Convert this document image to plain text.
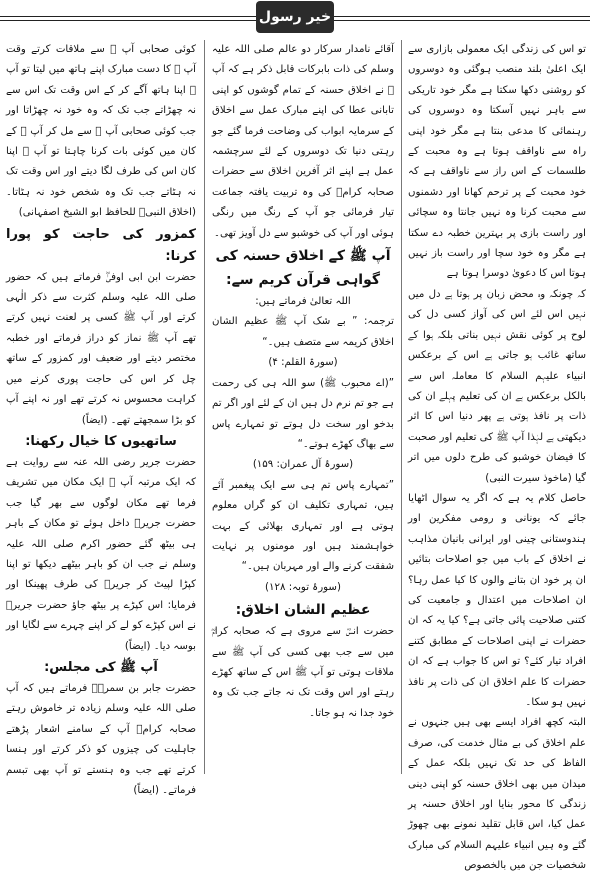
خیر رسول

تو اس کی زندگی ایک معمولی بازاری سے ایک اعلیٰ بلند منصب ہوگئی وہ دوسروں کو روشنی دکھا سکتا ہے مگر خود تاریکی سے باہر نہیں آسکتا وہ دوسروں کی رہنمائی کا مدعی بنتا ہے مگر خود اپنی راہ سے ناواقف ہوتا ہے وہ محبت کے طلسمات کے اس راز سے ناواقف ہے کہ خود محبت کے پر ترحم کھانا اور دشمنوں سے محبت کرنا وہ نہیں جانتا وہ سچائی اور راست بازی پر بہترین خطبہ دے سکتا ہے مگر وہ خود سچا اور راست باز نہیں ہوتا اس کا دعویٰ دوسرا ہوتا ہے

کہ چونکہ وہ محض زبان پر ہوتا ہے دل میں نہیں اس لئے اس کی آواز کسی دل کی لوح پر کوئی نقش نہیں بناتی بلکہ ہوا کے ساتھ غائب ہو جاتی ہے اس کے برعکس انبیاء علیہم السلام کا معاملہ اس سے بالکل برعکس ہے ان کی تعلیم پہلے ان کی ذات پر نافذ ہوتی ہے پھر دنیا اس کا اثر دیکھتی ہے لہٰذا آپ ﷺ کی تعلیم اور صحبت کا فیضان خوشبو کی طرح دلوں میں اتر گیا (ماخوذ سیرت النبی)

حاصل کلام یہ ہے کہ اگر یہ سوال اٹھایا جائے کہ یونانی و رومی مفکرین اور ہندوستانی چینی اور ایرانی بانیان مذاہب نے اخلاق کے باب میں جو اصلاحات بتائیں ان پر خود ان بتانے والوں کا کیا عمل رہا؟ ان اصلاحات میں اعتدال و جامعیت کی کتنی صلاحیت پائی جاتی ہے؟ کیا یہ کہ ان حضرات نے اپنی اصلاحات کے مطابق کتنے افراد تیار کئے؟ تو اس کا جواب ہے کہ ان حضرات کا علم اخلاق ان کی ذات پر نافذ نہیں ہو سکا۔

البتہ کچھ افراد ایسے بھی ہیں جنہوں نے علم اخلاق کی بے مثال خدمت کی، صرف الفاظ کی حد تک نہیں بلکہ عمل کے میدان میں بھی اخلاق حسنہ کو اپنی دینی زندگی کا محور بنایا اور اخلاق حسنہ پر عمل کیا، اس قابل تقلید نمونے بھی چھوڑ گئے وہ ہیں انبیاء علیہم السلام کی مبارک شخصیات جن میں بالخصوص

آقائے نامدار سرکار دو عالم صلی اللہ علیہ وسلم کی ذات بابرکات قابل ذکر ہے کہ آپ ﷺ نے اخلاق حسنہ کے تمام گوشوں کو اپنی تابانی عطا کی اپنے مبارک عمل سے اخلاق کے سرمایہ ابواب کی وضاحت فرما گئے جو رہتی دنیا تک دوسروں کے لئے سرچشمہ عمل ہے اپنے اثر آفرین اخلاق سے حضرات صحابہ کرامؓ کی وہ تربیت یافتہ جماعت تیار فرمائی جو آپ کے رنگ میں رنگی ہوئی اور آپ کی خوشبو سے دل آویز تھی۔

آپ ﷺ کے اخلاق حسنہ کی گواہی قرآن کریم سے:

اللہ تعالیٰ فرماتے ہیں:

ترجمہ: ” بے شک آپ ﷺ عظیم الشان اخلاق کریمہ سے متصف ہیں۔“

(سورۃ القلم: ۴)

”(اے محبوب ﷺ) سو اللہ ہی کی رحمت ہے جو تم نرم دل ہیں ان کے لئے اور اگر تم بدخو اور سخت دل ہوتے تو تمہارے پاس سے بھاگ کھڑے ہوتے۔“

(سورۂ آل عمران: ۱۵۹)

”تمہارے پاس تم ہی سے ایک پیغمبر آئے ہیں، تمہاری تکلیف ان کو گراں معلوم ہوتی ہے اور تمہاری بھلائی کے بہت خواہشمند ہیں اور مومنوں پر نہایت شفقت کرنے والے اور مہربان ہیں۔“

(سورۂ توبہ: ۱۲۸)

عظیم الشان اخلاق:

حضرت انسؓ سے مروی ہے کہ صحابہ کرامؓ میں سے جب بھی کسی کی آپ ﷺ سے ملاقات ہوتی تو آپ ﷺ اس کے ساتھ کھڑے رہتے اور اس وقت تک نہ جاتے جب تک وہ خود جدا نہ ہو جاتا۔

کوئی صحابی آپ ﷺ سے ملاقات کرتے وقت آپ ﷺ کا دست مبارک اپنے ہاتھ میں لیتا تو آپ ﷺ اپنا ہاتھ آگے کر کے اس وقت تک اس سے نہ چھڑاتے جب تک کہ وہ خود نہ چھڑاتا اور جب کوئی صحابی آپ ﷺ سے مل کر آپ ﷺ کے کان میں کوئی بات کرنا چاہتا تو آپ ﷺ اپنا کان اس کی طرف لگا دیتے اور اس وقت تک نہ ہٹاتے جب تک وہ شخص خود نہ ہٹاتا۔ (اخلاق النبیؐ للحافظ ابو الشیخ اصفہانی)

کمزور کی حاجت کو پورا کرنا:

حضرت ابن ابی اوفیٰؓ فرماتے ہیں کہ حضور صلی اللہ علیہ وسلم کثرت سے ذکر الٰہی کرتے اور آپ ﷺ کسی پر لعنت نہیں کرتے تھے آپ ﷺ نماز کو دراز فرماتے اور خطبہ مختصر دیتے اور ضعیف اور کمزور کے ساتھ چل کر اس کی حاجت پوری کرنے میں کراہت محسوس نہ کرتے تھے اور نہ اپنے آپ کو بڑا سمجھتے تھے۔ (ایضاً)

ساتھیوں کا خیال رکھنا:

حضرت جریر رضی اللہ عنہ سے روایت ہے کہ ایک مرتبہ آپ ﷺ ایک مکان میں تشریف فرما تھے مکان لوگوں سے بھر گیا جب حضرت جریرؓ داخل ہوئے تو مکان کے باہر ہی بیٹھ گئے حضور اکرم صلی اللہ علیہ وسلم نے جب ان کو باہر بیٹھے دیکھا تو اپنا کپڑا لپیٹ کر جریرؓ کی طرف پھینکا اور فرمایا: اس کپڑے پر بیٹھ جاؤ حضرت جریرؓ نے اس کپڑے کو لے کر اپنے چہرے سے لگایا اور بوسہ دیا۔ (ایضاً)

آپ ﷺ کی مجلس:

حضرت جابر بن سمرہؓ فرماتے ہیں کہ آپ صلی اللہ علیہ وسلم زیادہ تر خاموش رہتے صحابہ کرامؓ آپ کے سامنے اشعار پڑھتے جاہلیت کی چیزوں کو ذکر کرتے اور ہنسا کرتے تھے جب وہ ہنستے تو آپ بھی تبسم فرماتے۔ (ایضاً)
